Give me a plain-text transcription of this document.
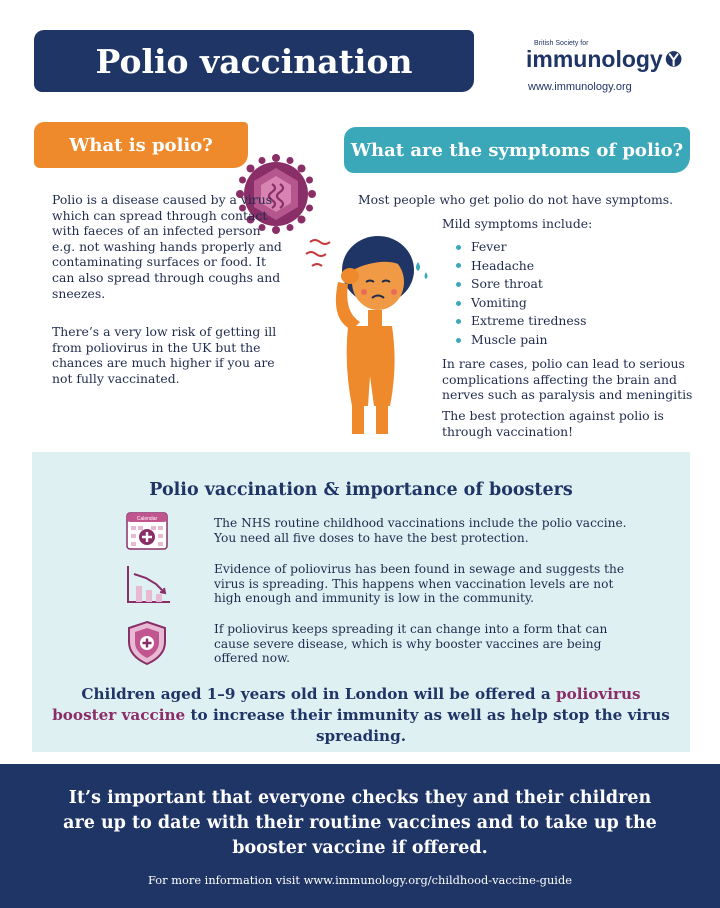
Polio vaccination	British Society for
immunology
www.immunology.org
What is polio?
Polio is a disease caused by a virus which can spread through contact with faeces of an infected person e.g. not washing hands properly and contaminating surfaces or food. It can also spread through coughs and sneezes.
There’s a very low risk of getting ill from poliovirus in the UK but the chances are much higher if you are not fully vaccinated.
What are the symptoms of polio?
Most people who get polio do not have symptoms.
Mild symptoms include:
Fever
Headache
Sore throat
Vomiting
Extreme tiredness
Muscle pain
In rare cases, polio can lead to serious complications affecting the brain and nerves such as paralysis and meningitis
The best protection against polio is through vaccination!
Polio vaccination & importance of boosters
Calendar	The NHS routine childhood vaccinations include the polio vaccine. You need all five doses to have the best protection.
Evidence of poliovirus has been found in sewage and suggests the virus is spreading. This happens when vaccination levels are not high enough and immunity is low in the community.
If poliovirus keeps spreading it can change into a form that can cause severe disease, which is why booster vaccines are being offered now.
Children aged 1–9 years old in London will be offered a poliovirus booster vaccine to increase their immunity as well as help stop the virus spreading.
It’s important that everyone checks they and their children are up to date with their routine vaccines and to take up the booster vaccine if offered.
For more information visit www.immunology.org/childhood-vaccine-guide
